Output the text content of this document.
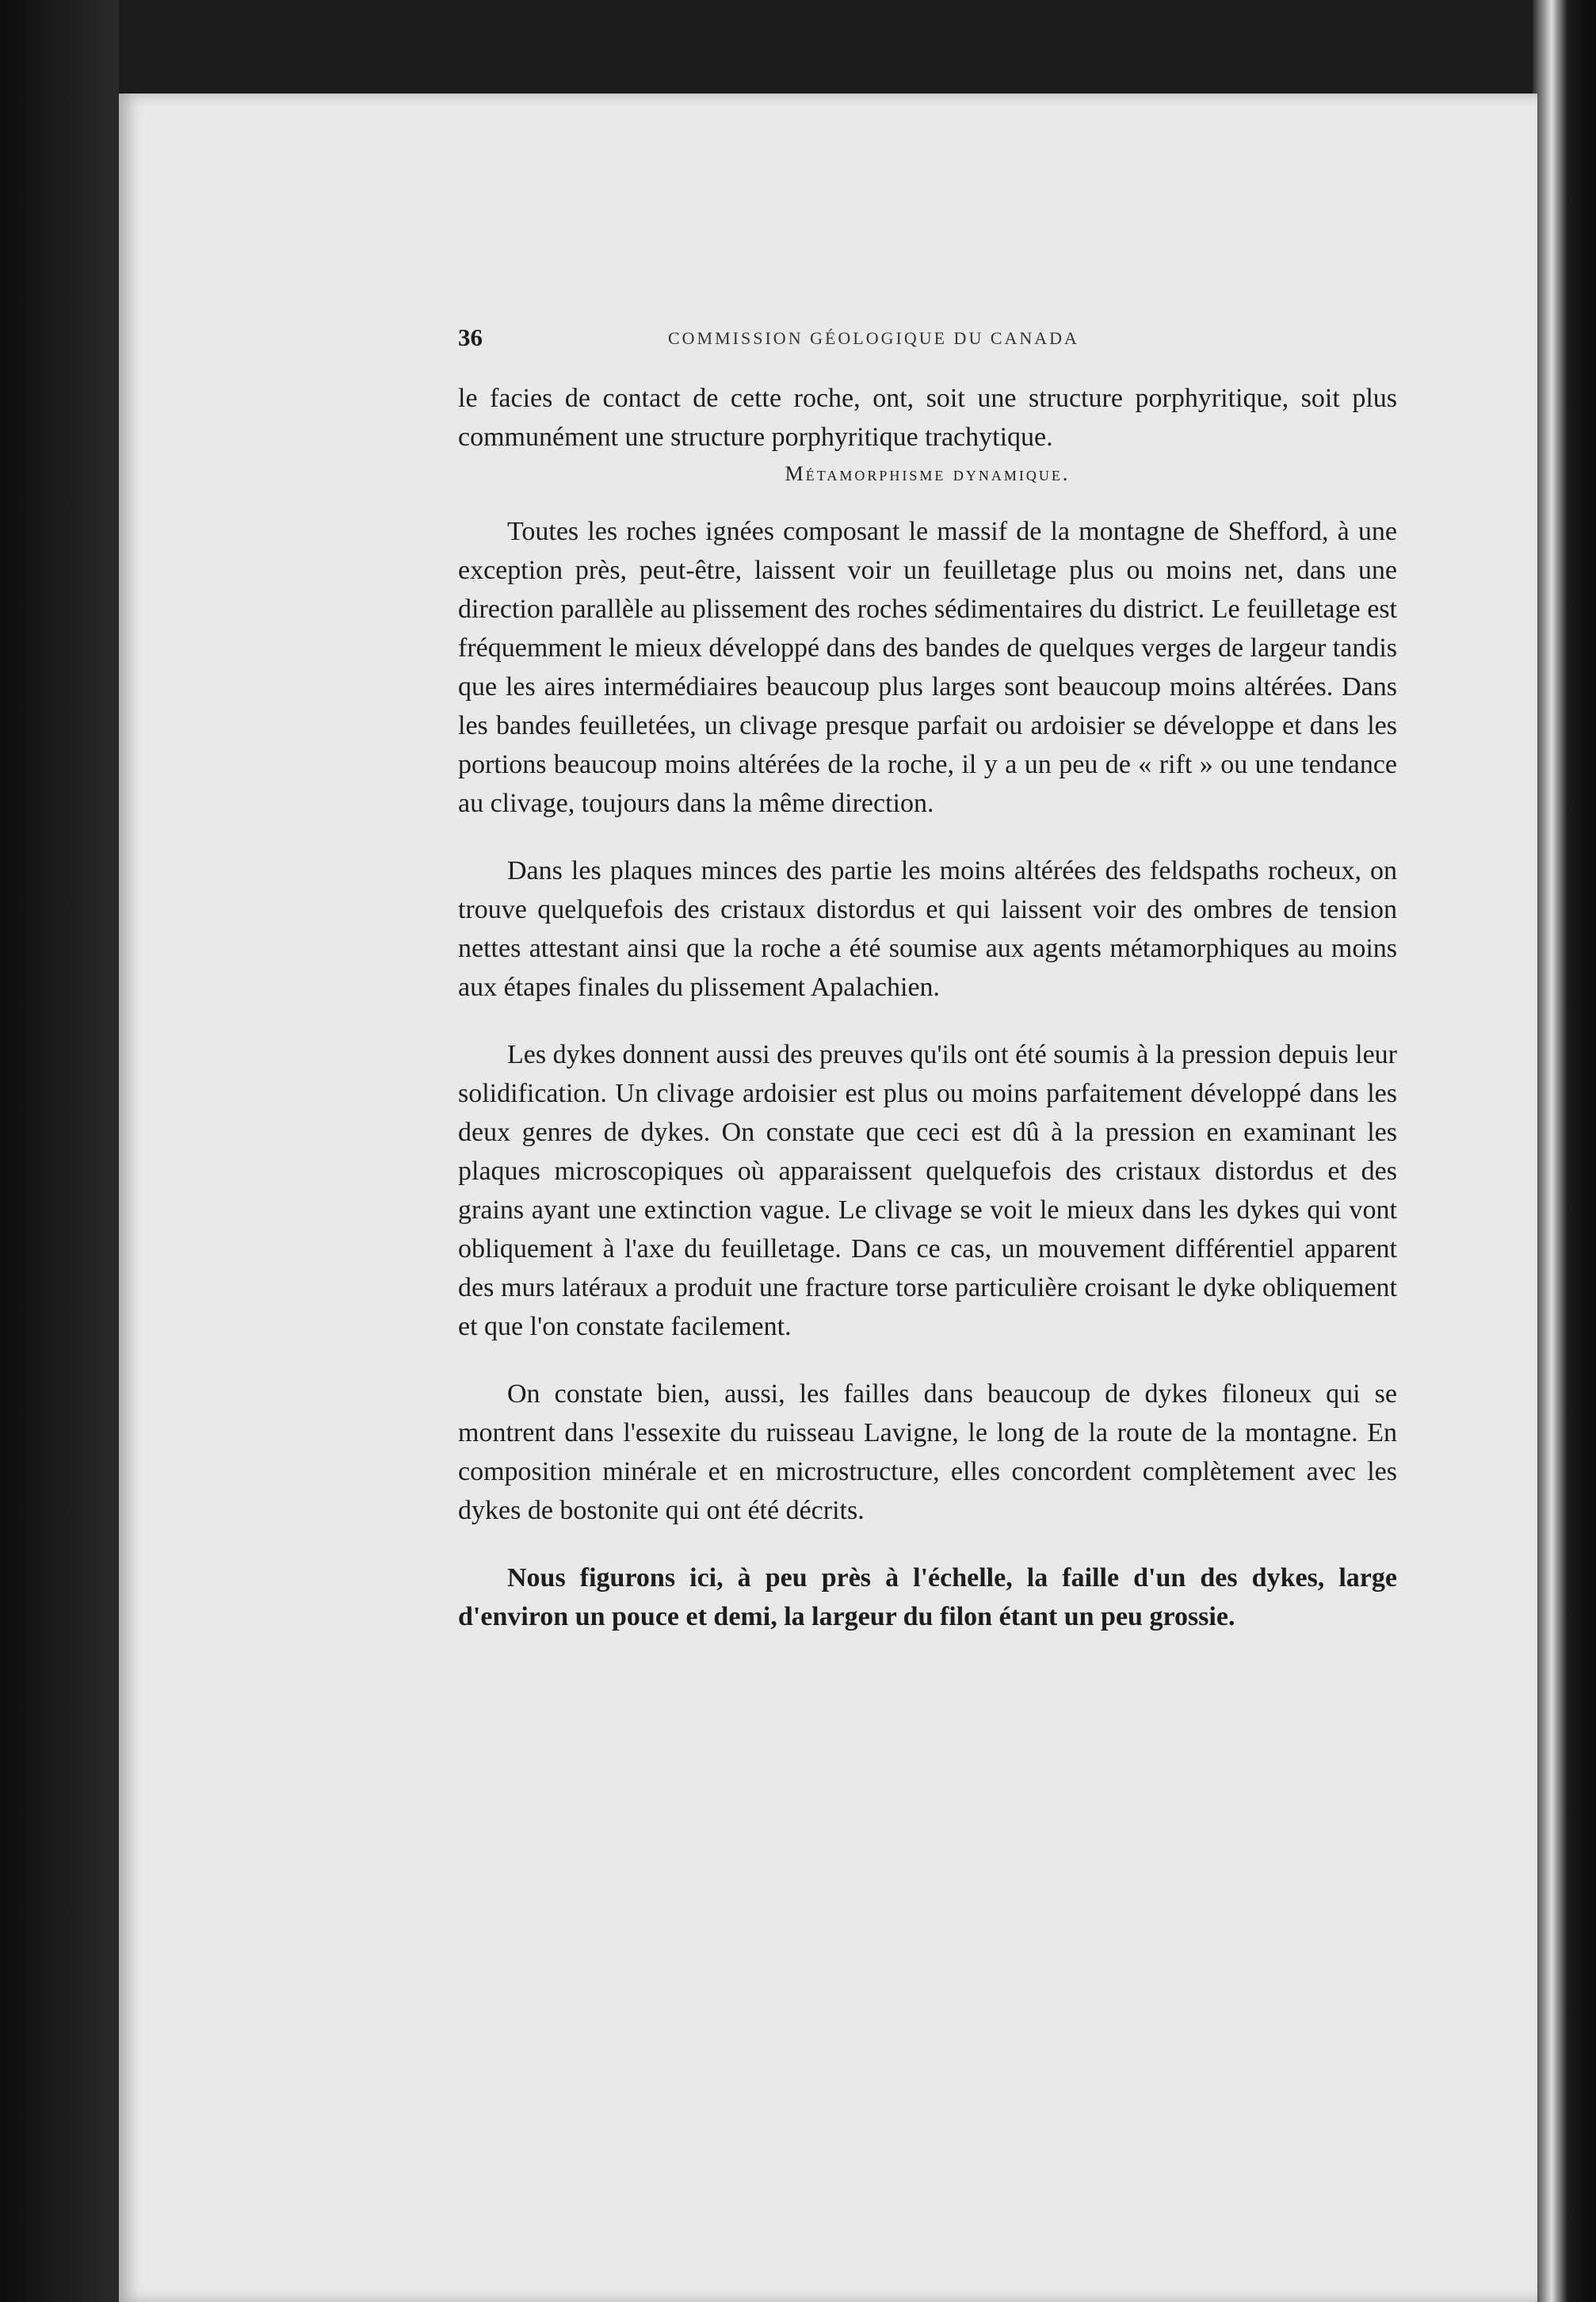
36	COMMISSION GÉOLOGIQUE DU CANADA

le facies de contact de cette roche, ont, soit une structure porphyritique, soit plus communément une structure porphyritique trachytique.

Métamorphisme dynamique.

Toutes les roches ignées composant le massif de la montagne de Shefford, à une exception près, peut-être, laissent voir un feuilletage plus ou moins net, dans une direction parallèle au plissement des roches sédimentaires du district. Le feuilletage est fréquemment le mieux développé dans des bandes de quelques verges de largeur tandis que les aires intermédiaires beaucoup plus larges sont beaucoup moins altérées. Dans les bandes feuilletées, un clivage presque parfait ou ardoisier se développe et dans les portions beaucoup moins altérées de la roche, il y a un peu de « rift » ou une tendance au clivage, toujours dans la même direction.

Dans les plaques minces des partie les moins altérées des feldspaths rocheux, on trouve quelquefois des cristaux distordus et qui laissent voir des ombres de tension nettes attestant ainsi que la roche a été soumise aux agents métamorphiques au moins aux étapes finales du plissement Apalachien.

Les dykes donnent aussi des preuves qu'ils ont été soumis à la pression depuis leur solidification. Un clivage ardoisier est plus ou moins parfaitement développé dans les deux genres de dykes. On constate que ceci est dû à la pression en examinant les plaques microscopiques où apparaissent quelquefois des cristaux distordus et des grains ayant une extinction vague. Le clivage se voit le mieux dans les dykes qui vont obliquement à l'axe du feuilletage. Dans ce cas, un mouvement différentiel apparent des murs latéraux a produit une fracture torse particulière croisant le dyke obliquement et que l'on constate facilement.

On constate bien, aussi, les failles dans beaucoup de dykes filoneux qui se montrent dans l'essexite du ruisseau Lavigne, le long de la route de la montagne. En composition minérale et en microstructure, elles concordent complètement avec les dykes de bostonite qui ont été décrits.

Nous figurons ici, à peu près à l'échelle, la faille d'un des dykes, large d'environ un pouce et demi, la largeur du filon étant un peu grossie.
